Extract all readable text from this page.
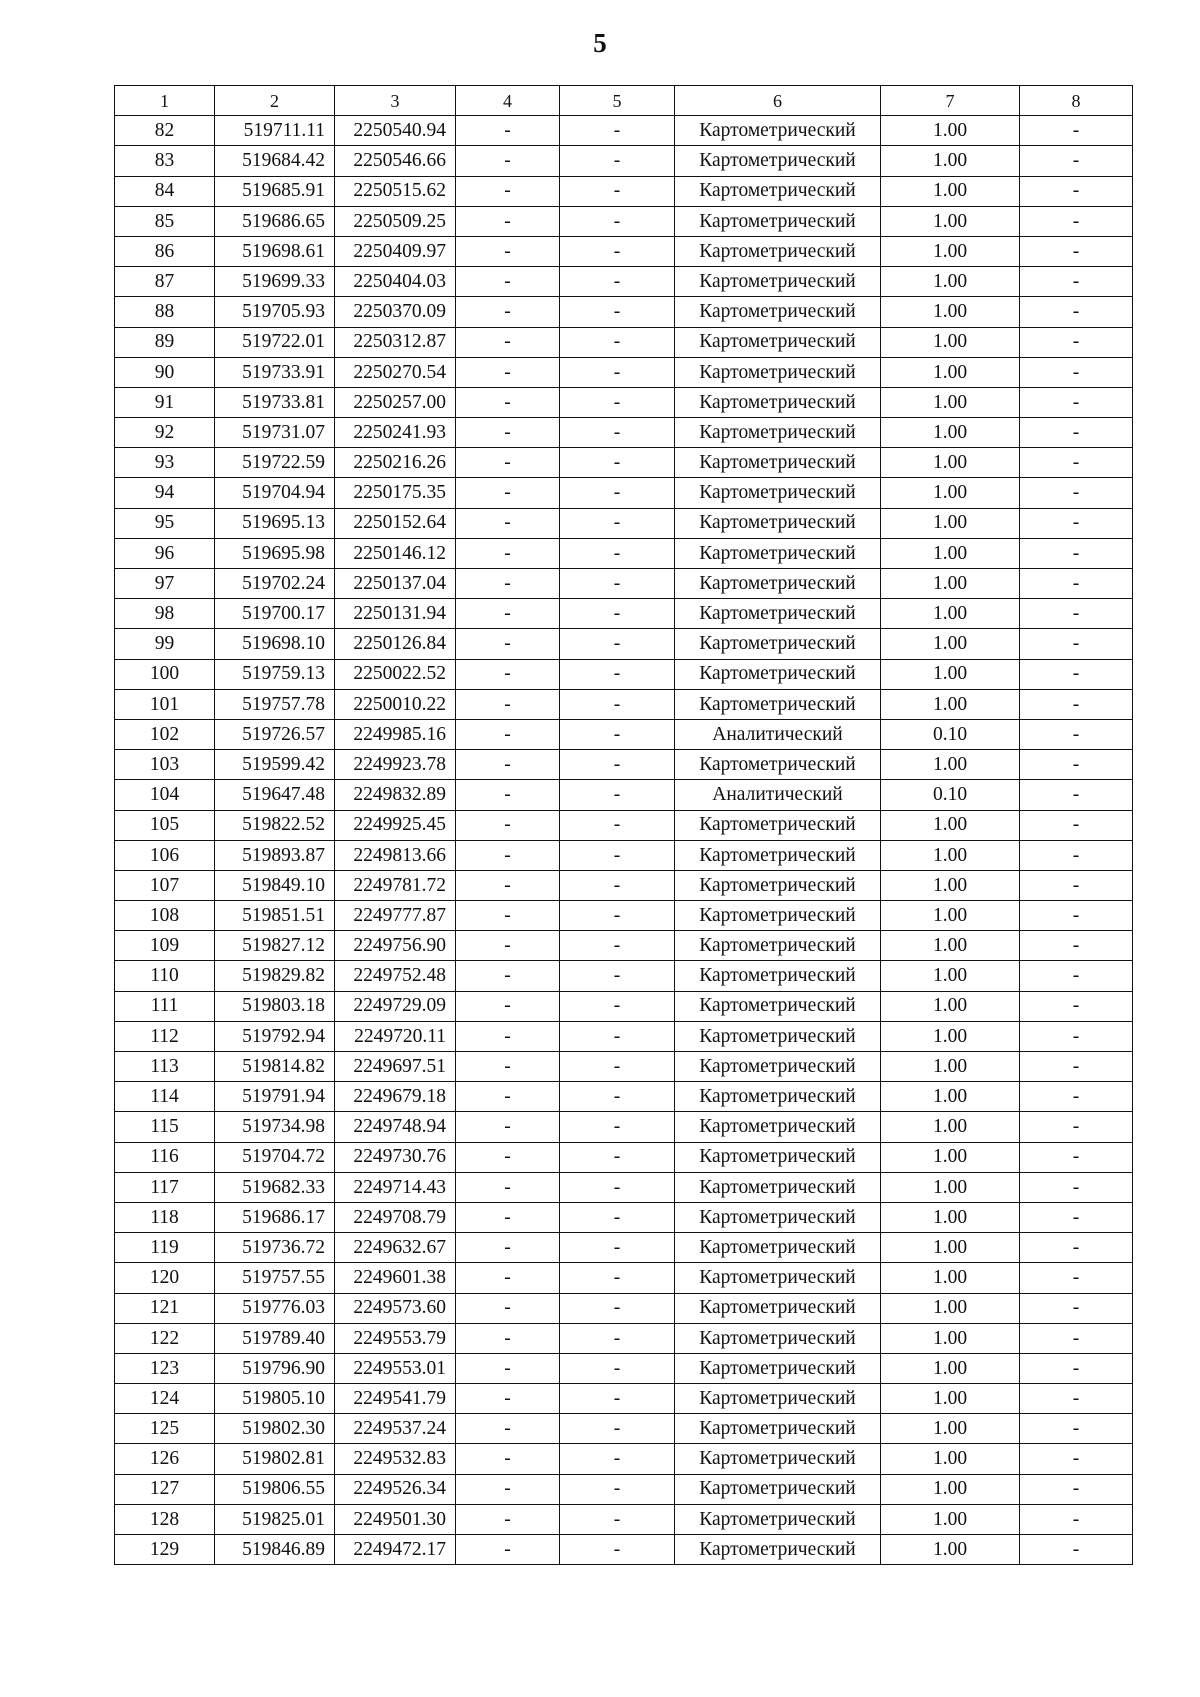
5
1	2	3	4	5	6	7	8
82	519711.11	2250540.94	-	-	Картометрический	1.00	-
83	519684.42	2250546.66	-	-	Картометрический	1.00	-
84	519685.91	2250515.62	-	-	Картометрический	1.00	-
85	519686.65	2250509.25	-	-	Картометрический	1.00	-
86	519698.61	2250409.97	-	-	Картометрический	1.00	-
87	519699.33	2250404.03	-	-	Картометрический	1.00	-
88	519705.93	2250370.09	-	-	Картометрический	1.00	-
89	519722.01	2250312.87	-	-	Картометрический	1.00	-
90	519733.91	2250270.54	-	-	Картометрический	1.00	-
91	519733.81	2250257.00	-	-	Картометрический	1.00	-
92	519731.07	2250241.93	-	-	Картометрический	1.00	-
93	519722.59	2250216.26	-	-	Картометрический	1.00	-
94	519704.94	2250175.35	-	-	Картометрический	1.00	-
95	519695.13	2250152.64	-	-	Картометрический	1.00	-
96	519695.98	2250146.12	-	-	Картометрический	1.00	-
97	519702.24	2250137.04	-	-	Картометрический	1.00	-
98	519700.17	2250131.94	-	-	Картометрический	1.00	-
99	519698.10	2250126.84	-	-	Картометрический	1.00	-
100	519759.13	2250022.52	-	-	Картометрический	1.00	-
101	519757.78	2250010.22	-	-	Картометрический	1.00	-
102	519726.57	2249985.16	-	-	Аналитический	0.10	-
103	519599.42	2249923.78	-	-	Картометрический	1.00	-
104	519647.48	2249832.89	-	-	Аналитический	0.10	-
105	519822.52	2249925.45	-	-	Картометрический	1.00	-
106	519893.87	2249813.66	-	-	Картометрический	1.00	-
107	519849.10	2249781.72	-	-	Картометрический	1.00	-
108	519851.51	2249777.87	-	-	Картометрический	1.00	-
109	519827.12	2249756.90	-	-	Картометрический	1.00	-
110	519829.82	2249752.48	-	-	Картометрический	1.00	-
111	519803.18	2249729.09	-	-	Картометрический	1.00	-
112	519792.94	2249720.11	-	-	Картометрический	1.00	-
113	519814.82	2249697.51	-	-	Картометрический	1.00	-
114	519791.94	2249679.18	-	-	Картометрический	1.00	-
115	519734.98	2249748.94	-	-	Картометрический	1.00	-
116	519704.72	2249730.76	-	-	Картометрический	1.00	-
117	519682.33	2249714.43	-	-	Картометрический	1.00	-
118	519686.17	2249708.79	-	-	Картометрический	1.00	-
119	519736.72	2249632.67	-	-	Картометрический	1.00	-
120	519757.55	2249601.38	-	-	Картометрический	1.00	-
121	519776.03	2249573.60	-	-	Картометрический	1.00	-
122	519789.40	2249553.79	-	-	Картометрический	1.00	-
123	519796.90	2249553.01	-	-	Картометрический	1.00	-
124	519805.10	2249541.79	-	-	Картометрический	1.00	-
125	519802.30	2249537.24	-	-	Картометрический	1.00	-
126	519802.81	2249532.83	-	-	Картометрический	1.00	-
127	519806.55	2249526.34	-	-	Картометрический	1.00	-
128	519825.01	2249501.30	-	-	Картометрический	1.00	-
129	519846.89	2249472.17	-	-	Картометрический	1.00	-
